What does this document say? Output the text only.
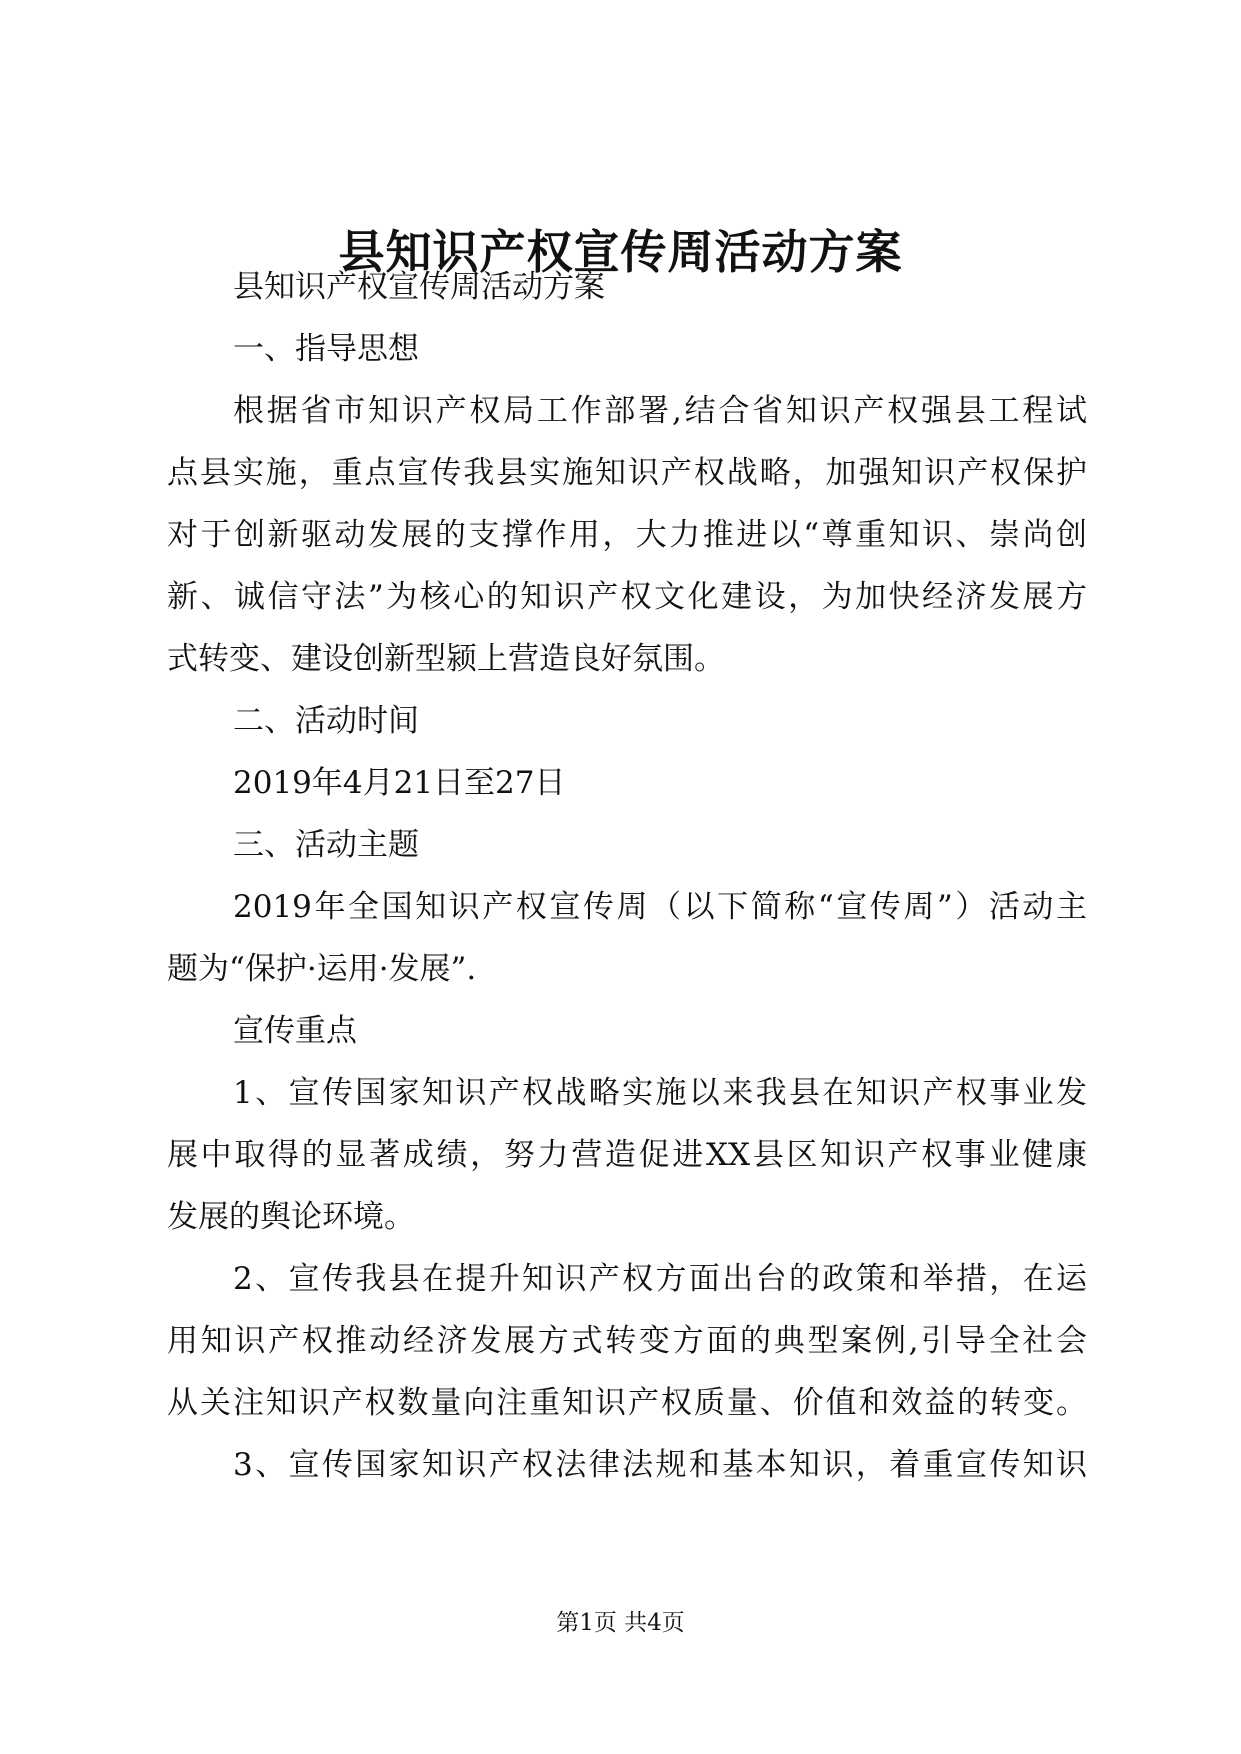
县知识产权宣传周活动方案
县知识产权宣传周活动方案
一、指导思想
根据省市知识产权局工作部署,结合省知识产权强县工程试
点县实施，重点宣传我县实施知识产权战略，加强知识产权保护
对于创新驱动发展的支撑作用，大力推进以“尊重知识、崇尚创
新、诚信守法”为核心的知识产权文化建设，为加快经济发展方
式转变、建设创新型颍上营造良好氛围。
二、活动时间
2019年4月21日至27日
三、活动主题
2019年全国知识产权宣传周（以下简称“宣传周”）活动主
题为“保护·运用·发展”.
宣传重点
1、宣传国家知识产权战略实施以来我县在知识产权事业发
展中取得的显著成绩，努力营造促进XX县区知识产权事业健康
发展的舆论环境。
2、宣传我县在提升知识产权方面出台的政策和举措，在运
用知识产权推动经济发展方式转变方面的典型案例,引导全社会
从关注知识产权数量向注重知识产权质量、价值和效益的转变。
3、宣传国家知识产权法律法规和基本知识，着重宣传知识
第1页 共4页
